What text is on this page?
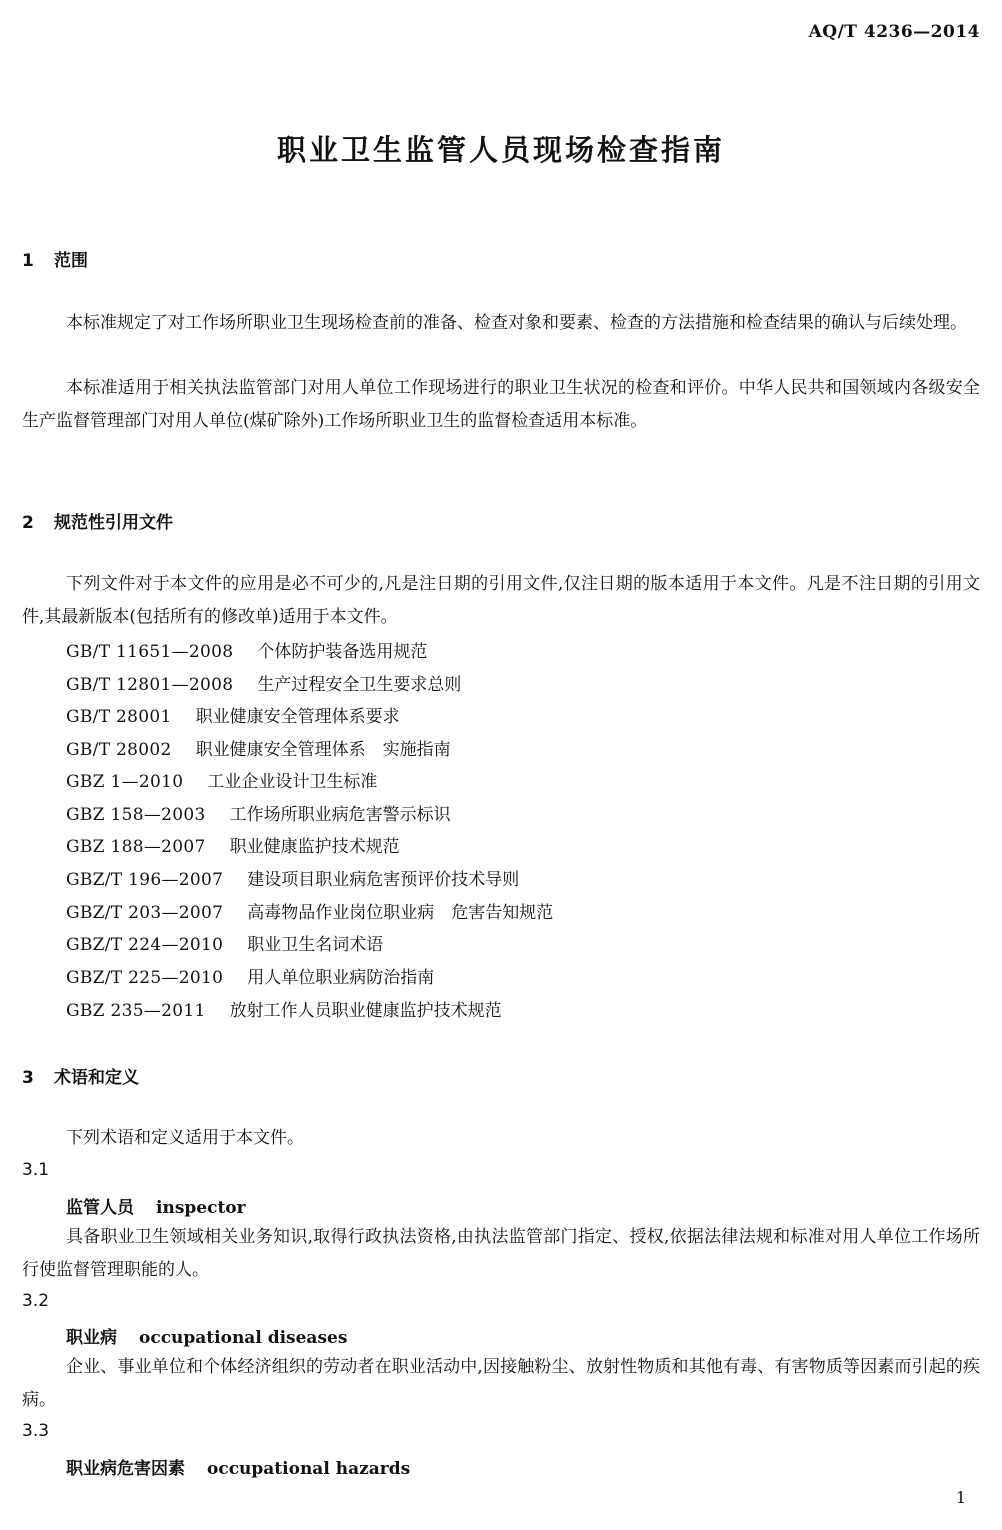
AQ/T 4236—2014
职业卫生监管人员现场检查指南
1 范围
本标准规定了对工作场所职业卫生现场检查前的准备、检查对象和要素、检查的方法措施和检查结果的确认与后续处理。
本标准适用于相关执法监管部门对用人单位工作现场进行的职业卫生状况的检查和评价。中华人民共和国领域内各级安全生产监督管理部门对用人单位(煤矿除外)工作场所职业卫生的监督检查适用本标准。
2 规范性引用文件
下列文件对于本文件的应用是必不可少的,凡是注日期的引用文件,仅注日期的版本适用于本文件。凡是不注日期的引用文件,其最新版本(包括所有的修改单)适用于本文件。
GB/T 11651—2008 个体防护装备选用规范
GB/T 12801—2008 生产过程安全卫生要求总则
GB/T 28001 职业健康安全管理体系要求
GB/T 28002 职业健康安全管理体系　实施指南
GBZ 1—2010 工业企业设计卫生标准
GBZ 158—2003 工作场所职业病危害警示标识
GBZ 188—2007 职业健康监护技术规范
GBZ/T 196—2007 建设项目职业病危害预评价技术导则
GBZ/T 203—2007 高毒物品作业岗位职业病　危害告知规范
GBZ/T 224—2010 职业卫生名词术语
GBZ/T 225—2010 用人单位职业病防治指南
GBZ 235—2011 放射工作人员职业健康监护技术规范
3 术语和定义
下列术语和定义适用于本文件。
3.1
监管人员 inspector
具备职业卫生领域相关业务知识,取得行政执法资格,由执法监管部门指定、授权,依据法律法规和标准对用人单位工作场所行使监督管理职能的人。
3.2
职业病 occupational diseases
企业、事业单位和个体经济组织的劳动者在职业活动中,因接触粉尘、放射性物质和其他有毒、有害物质等因素而引起的疾病。
3.3
职业病危害因素 occupational hazards
1
